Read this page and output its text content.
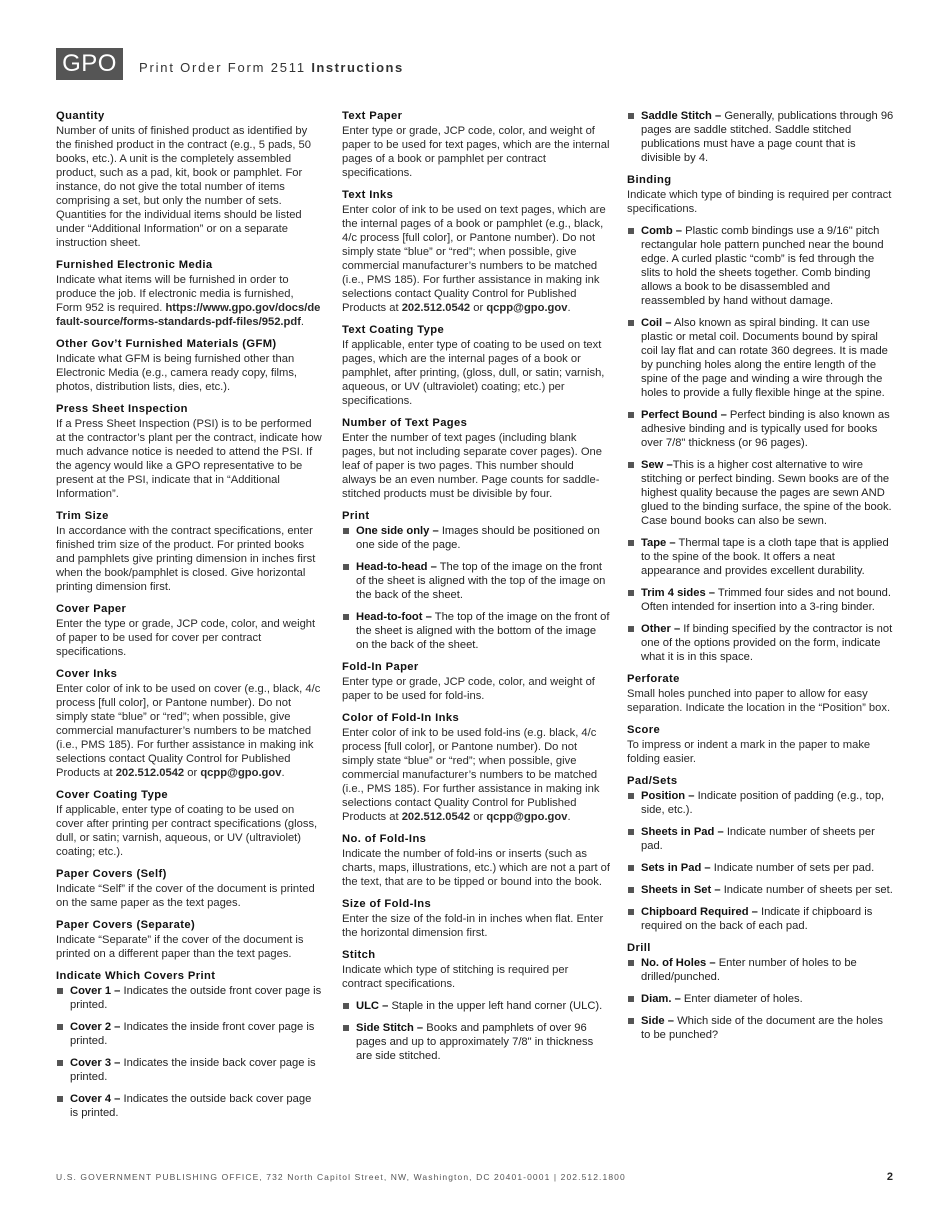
GPO	Print Order Form 2511 Instructions
Quantity
Number of units of finished product as identified by the finished product in the contract (e.g., 5 pads, 50 books, etc.). A unit is the completely assembled product, such as a pad, kit, book or pamphlet. For instance, do not give the total number of items comprising a set, but only the number of sets. Quantities for the individual items should be listed under “Additional Information” or on a separate instruction sheet.
Furnished Electronic Media
Indicate what items will be furnished in order to produce the job. If electronic media is furnished, Form 952 is required. https://www.gpo.gov/docs/default-source/forms-standards-pdf-files/952.pdf.
Other Gov’t Furnished Materials (GFM)
Indicate what GFM is being furnished other than Electronic Media (e.g., camera ready copy, films, photos, distribution lists, dies, etc.).
Press Sheet Inspection
If a Press Sheet Inspection (PSI) is to be performed at the contractor’s plant per the contract, indicate how much advance notice is needed to attend the PSI. If the agency would like a GPO representative to be present at the PSI, indicate that in “Additional Information”.
Trim Size
In accordance with the contract specifications, enter finished trim size of the product. For printed books and pamphlets give printing dimension in inches first when the book/pamphlet is closed. Give horizontal printing dimension first.
Cover Paper
Enter the type or grade, JCP code, color, and weight of paper to be used for cover per contract specifications.
Cover Inks
Enter color of ink to be used on cover (e.g., black, 4/c process [full color], or Pantone number). Do not simply state “blue” or “red”; when possible, give commercial manufacturer’s numbers to be matched (i.e., PMS 185). For further assistance in making ink selections contact Quality Control for Published Products at 202.512.0542 or qcpp@gpo.gov.
Cover Coating Type
If applicable, enter type of coating to be used on cover after printing per contract specifications (gloss, dull, or satin; varnish, aqueous, or UV (ultraviolet) coating; etc.).
Paper Covers (Self)
Indicate “Self” if the cover of the document is printed on the same paper as the text pages.
Paper Covers (Separate)
Indicate “Separate” if the cover of the document is printed on a different paper than the text pages.
Indicate Which Covers Print
Cover 1 – Indicates the outside front cover page is printed.
Cover 2 – Indicates the inside front cover page is printed.
Cover 3 – Indicates the inside back cover page is printed.
Cover 4 – Indicates the outside back cover page is printed.
Text Paper
Enter type or grade, JCP code, color, and weight of paper to be used for text pages, which are the internal pages of a book or pamphlet per contract specifications.
Text Inks
Enter color of ink to be used on text pages, which are the internal pages of a book or pamphlet (e.g., black, 4/c process [full color], or Pantone number). Do not simply state “blue” or “red”; when possible, give commercial manufacturer’s numbers to be matched (i.e., PMS 185). For further assistance in making ink selections contact Quality Control for Published Products at 202.512.0542 or qcpp@gpo.gov.
Text Coating Type
If applicable, enter type of coating to be used on text pages, which are the internal pages of a book or pamphlet, after printing, (gloss, dull, or satin; varnish, aqueous, or UV (ultraviolet) coating; etc.) per specifications.
Number of Text Pages
Enter the number of text pages (including blank pages, but not including separate cover pages). One leaf of paper is two pages. This number should always be an even number. Page counts for saddle-stitched products must be divisible by four.
Print
One side only – Images should be positioned on one side of the page.
Head-to-head – The top of the image on the front of the sheet is aligned with the top of the image on the back of the sheet.
Head-to-foot – The top of the image on the front of the sheet is aligned with the bottom of the image on the back of the sheet.
Fold-In Paper
Enter type or grade, JCP code, color, and weight of paper to be used for fold-ins.
Color of Fold-In Inks
Enter color of ink to be used fold-ins (e.g. black, 4/c process [full color], or Pantone number). Do not simply state “blue” or “red”; when possible, give commercial manufacturer’s numbers to be matched (i.e., PMS 185). For further assistance in making ink selections contact Quality Control for Published Products at 202.512.0542 or qcpp@gpo.gov.
No. of Fold-Ins
Indicate the number of fold-ins or inserts (such as charts, maps, illustrations, etc.) which are not a part of the text, that are to be tipped or bound into the book.
Size of Fold-Ins
Enter the size of the fold-in in inches when flat. Enter the horizontal dimension first.
Stitch
Indicate which type of stitching is required per contract specifications.
ULC – Staple in the upper left hand corner (ULC).
Side Stitch – Books and pamphlets of over 96 pages and up to approximately 7/8" in thickness are side stitched.
Saddle Stitch – Generally, publications through 96 pages are saddle stitched. Saddle stitched publications must have a page count that is divisible by 4.
Binding
Indicate which type of binding is required per contract specifications.
Comb – Plastic comb bindings use a 9/16" pitch rectangular hole pattern punched near the bound edge. A curled plastic “comb” is fed through the slits to hold the sheets together. Comb binding allows a book to be disassembled and reassembled by hand without damage.
Coil – Also known as spiral binding. It can use plastic or metal coil. Documents bound by spiral coil lay flat and can rotate 360 degrees. It is made by punching holes along the entire length of the spine of the page and winding a wire through the holes to provide a fully flexible hinge at the spine.
Perfect Bound – Perfect binding is also known as adhesive binding and is typically used for books over 7/8" thickness (or 96 pages).
Sew –This is a higher cost alternative to wire stitching or perfect binding. Sewn books are of the highest quality because the pages are sewn AND glued to the binding surface, the spine of the book. Case bound books can also be sewn.
Tape – Thermal tape is a cloth tape that is applied to the spine of the book. It offers a neat appearance and provides excellent durability.
Trim 4 sides – Trimmed four sides and not bound. Often intended for insertion into a 3-ring binder.
Other – If binding specified by the contractor is not one of the options provided on the form, indicate what it is in this space.
Perforate
Small holes punched into paper to allow for easy separation. Indicate the location in the “Position” box.
Score
To impress or indent a mark in the paper to make folding easier.
Pad/Sets
Position – Indicate position of padding (e.g., top, side, etc.).
Sheets in Pad – Indicate number of sheets per pad.
Sets in Pad – Indicate number of sets per pad.
Sheets in Set – Indicate number of sheets per set.
Chipboard Required – Indicate if chipboard is required on the back of each pad.
Drill
No. of Holes – Enter number of holes to be drilled/punched.
Diam. – Enter diameter of holes.
Side – Which side of the document are the holes to be punched?
U.S. GOVERNMENT PUBLISHING OFFICE, 732 North Capitol Street, NW, Washington, DC 20401-0001 | 202.512.1800	2
